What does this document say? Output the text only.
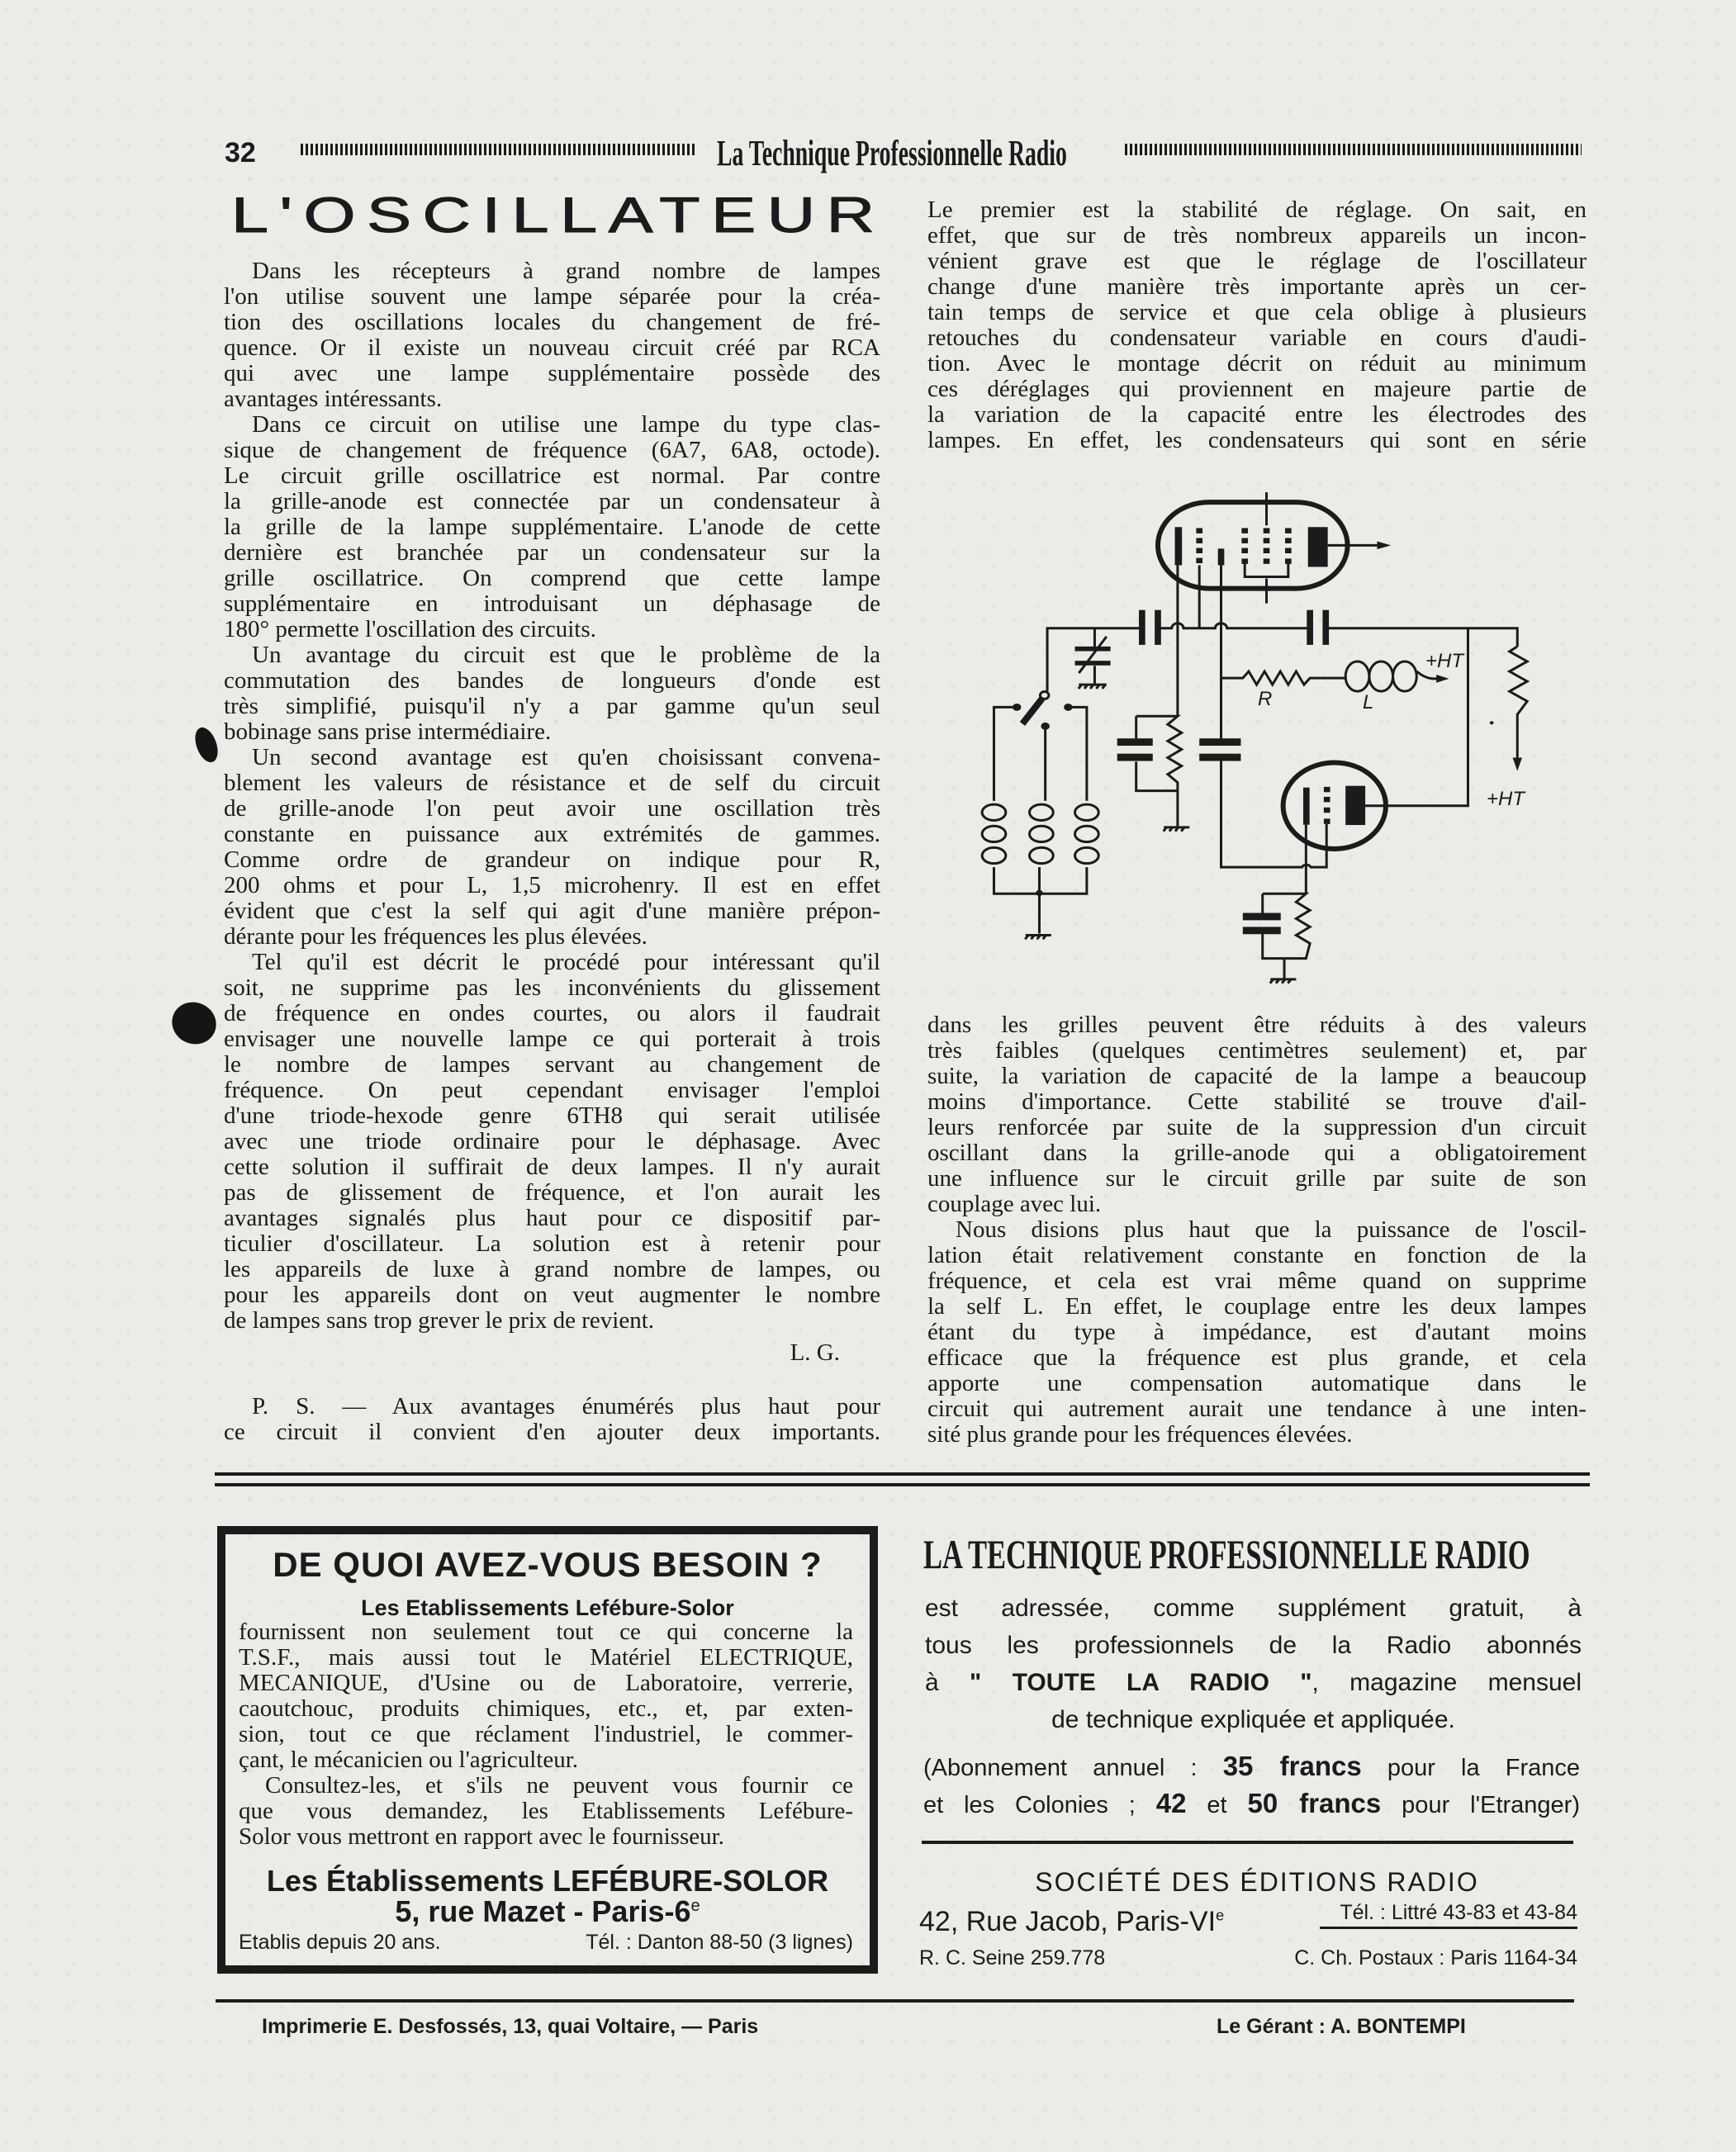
32	La Technique Professionnelle Radio
L'OSCILLATEUR
Dans les récepteurs à grand nombre de lampes
l'on utilise souvent une lampe séparée pour la créa-
tion des oscillations locales du changement de fré-
quence. Or il existe un nouveau circuit créé par RCA
qui avec une lampe supplémentaire possède des
avantages intéressants.
Dans ce circuit on utilise une lampe du type clas-
sique de changement de fréquence (6A7, 6A8, octode).
Le circuit grille oscillatrice est normal. Par contre
la grille-anode est connectée par un condensateur à
la grille de la lampe supplémentaire. L'anode de cette
dernière est branchée par un condensateur sur la
grille oscillatrice. On comprend que cette lampe
supplémentaire en introduisant un déphasage de
180° permette l'oscillation des circuits.
Un avantage du circuit est que le problème de la
commutation des bandes de longueurs d'onde est
très simplifié, puisqu'il n'y a par gamme qu'un seul
bobinage sans prise intermédiaire.
Un second avantage est qu'en choisissant convena-
blement les valeurs de résistance et de self du circuit
de grille-anode l'on peut avoir une oscillation très
constante en puissance aux extrémités de gammes.
Comme ordre de grandeur on indique pour R,
200 ohms et pour L, 1,5 microhenry. Il est en effet
évident que c'est la self qui agit d'une manière prépon-
dérante pour les fréquences les plus élevées.
Tel qu'il est décrit le procédé pour intéressant qu'il
soit, ne supprime pas les inconvénients du glissement
de fréquence en ondes courtes, ou alors il faudrait
envisager une nouvelle lampe ce qui porterait à trois
le nombre de lampes servant au changement de
fréquence. On peut cependant envisager l'emploi
d'une triode-hexode genre 6TH8 qui serait utilisée
avec une triode ordinaire pour le déphasage. Avec
cette solution il suffirait de deux lampes. Il n'y aurait
pas de glissement de fréquence, et l'on aurait les
avantages signalés plus haut pour ce dispositif par-
ticulier d'oscillateur. La solution est à retenir pour
les appareils de luxe à grand nombre de lampes, ou
pour les appareils dont on veut augmenter le nombre
de lampes sans trop grever le prix de revient.
L. G.
P. S. — Aux avantages énumérés plus haut pour
ce circuit il convient d'en ajouter deux importants.
Le premier est la stabilité de réglage. On sait, en
effet, que sur de très nombreux appareils un incon-
vénient grave est que le réglage de l'oscillateur
change d'une manière très importante après un cer-
tain temps de service et que cela oblige à plusieurs
retouches du condensateur variable en cours d'audi-
tion. Avec le montage décrit on réduit au minimum
ces déréglages qui proviennent en majeure partie de
la variation de la capacité entre les électrodes des
lampes. En effet, les condensateurs qui sont en série
dans les grilles peuvent être réduits à des valeurs
très faibles (quelques centimètres seulement) et, par
suite, la variation de capacité de la lampe a beaucoup
moins d'importance. Cette stabilité se trouve d'ail-
leurs renforcée par suite de la suppression d'un circuit
oscillant dans la grille-anode qui a obligatoirement
une influence sur le circuit grille par suite de son
couplage avec lui.
Nous disions plus haut que la puissance de l'oscil-
lation était relativement constante en fonction de la
fréquence, et cela est vrai même quand on supprime
la self L. En effet, le couplage entre les deux lampes
étant du type à impédance, est d'autant moins
efficace que la fréquence est plus grande, et cela
apporte une compensation automatique dans le
circuit qui autrement aurait une tendance à une inten-
sité plus grande pour les fréquences élevées.
R	L
+HT
+HT
DE QUOI AVEZ-VOUS BESOIN ?
Les Etablissements Lefébure-Solor
fournissent non seulement tout ce qui concerne la
T.S.F., mais aussi tout le Matériel ELECTRIQUE,
MECANIQUE, d'Usine ou de Laboratoire, verrerie,
caoutchouc, produits chimiques, etc., et, par exten-
sion, tout ce que réclament l'industriel, le commer-
çant, le mécanicien ou l'agriculteur.
Consultez-les, et s'ils ne peuvent vous fournir ce
que vous demandez, les Etablissements Lefébure-
Solor vous mettront en rapport avec le fournisseur.
Les Établissements LEFÉBURE-SOLOR
5, rue Mazet - Paris-6e
Etablis depuis 20 ans.	Tél. : Danton 88-50 (3 lignes)
LA TECHNIQUE PROFESSIONNELLE RADIO
est adressée, comme supplément gratuit, à
tous les professionnels de la Radio abonnés
à " TOUTE LA RADIO ", magazine mensuel
de technique expliquée et appliquée.
(Abonnement annuel : 35 francs pour la France
et les Colonies ; 42 et 50 francs pour l'Etranger)
SOCIÉTÉ DES ÉDITIONS RADIO
42, Rue Jacob, Paris-VIe	Tél. : Littré 43-83 et 43-84
R. C. Seine 259.778	C. Ch. Postaux : Paris 1164-34
Imprimerie E. Desfossés, 13, quai Voltaire, — Paris	Le Gérant : A. BONTEMPI
